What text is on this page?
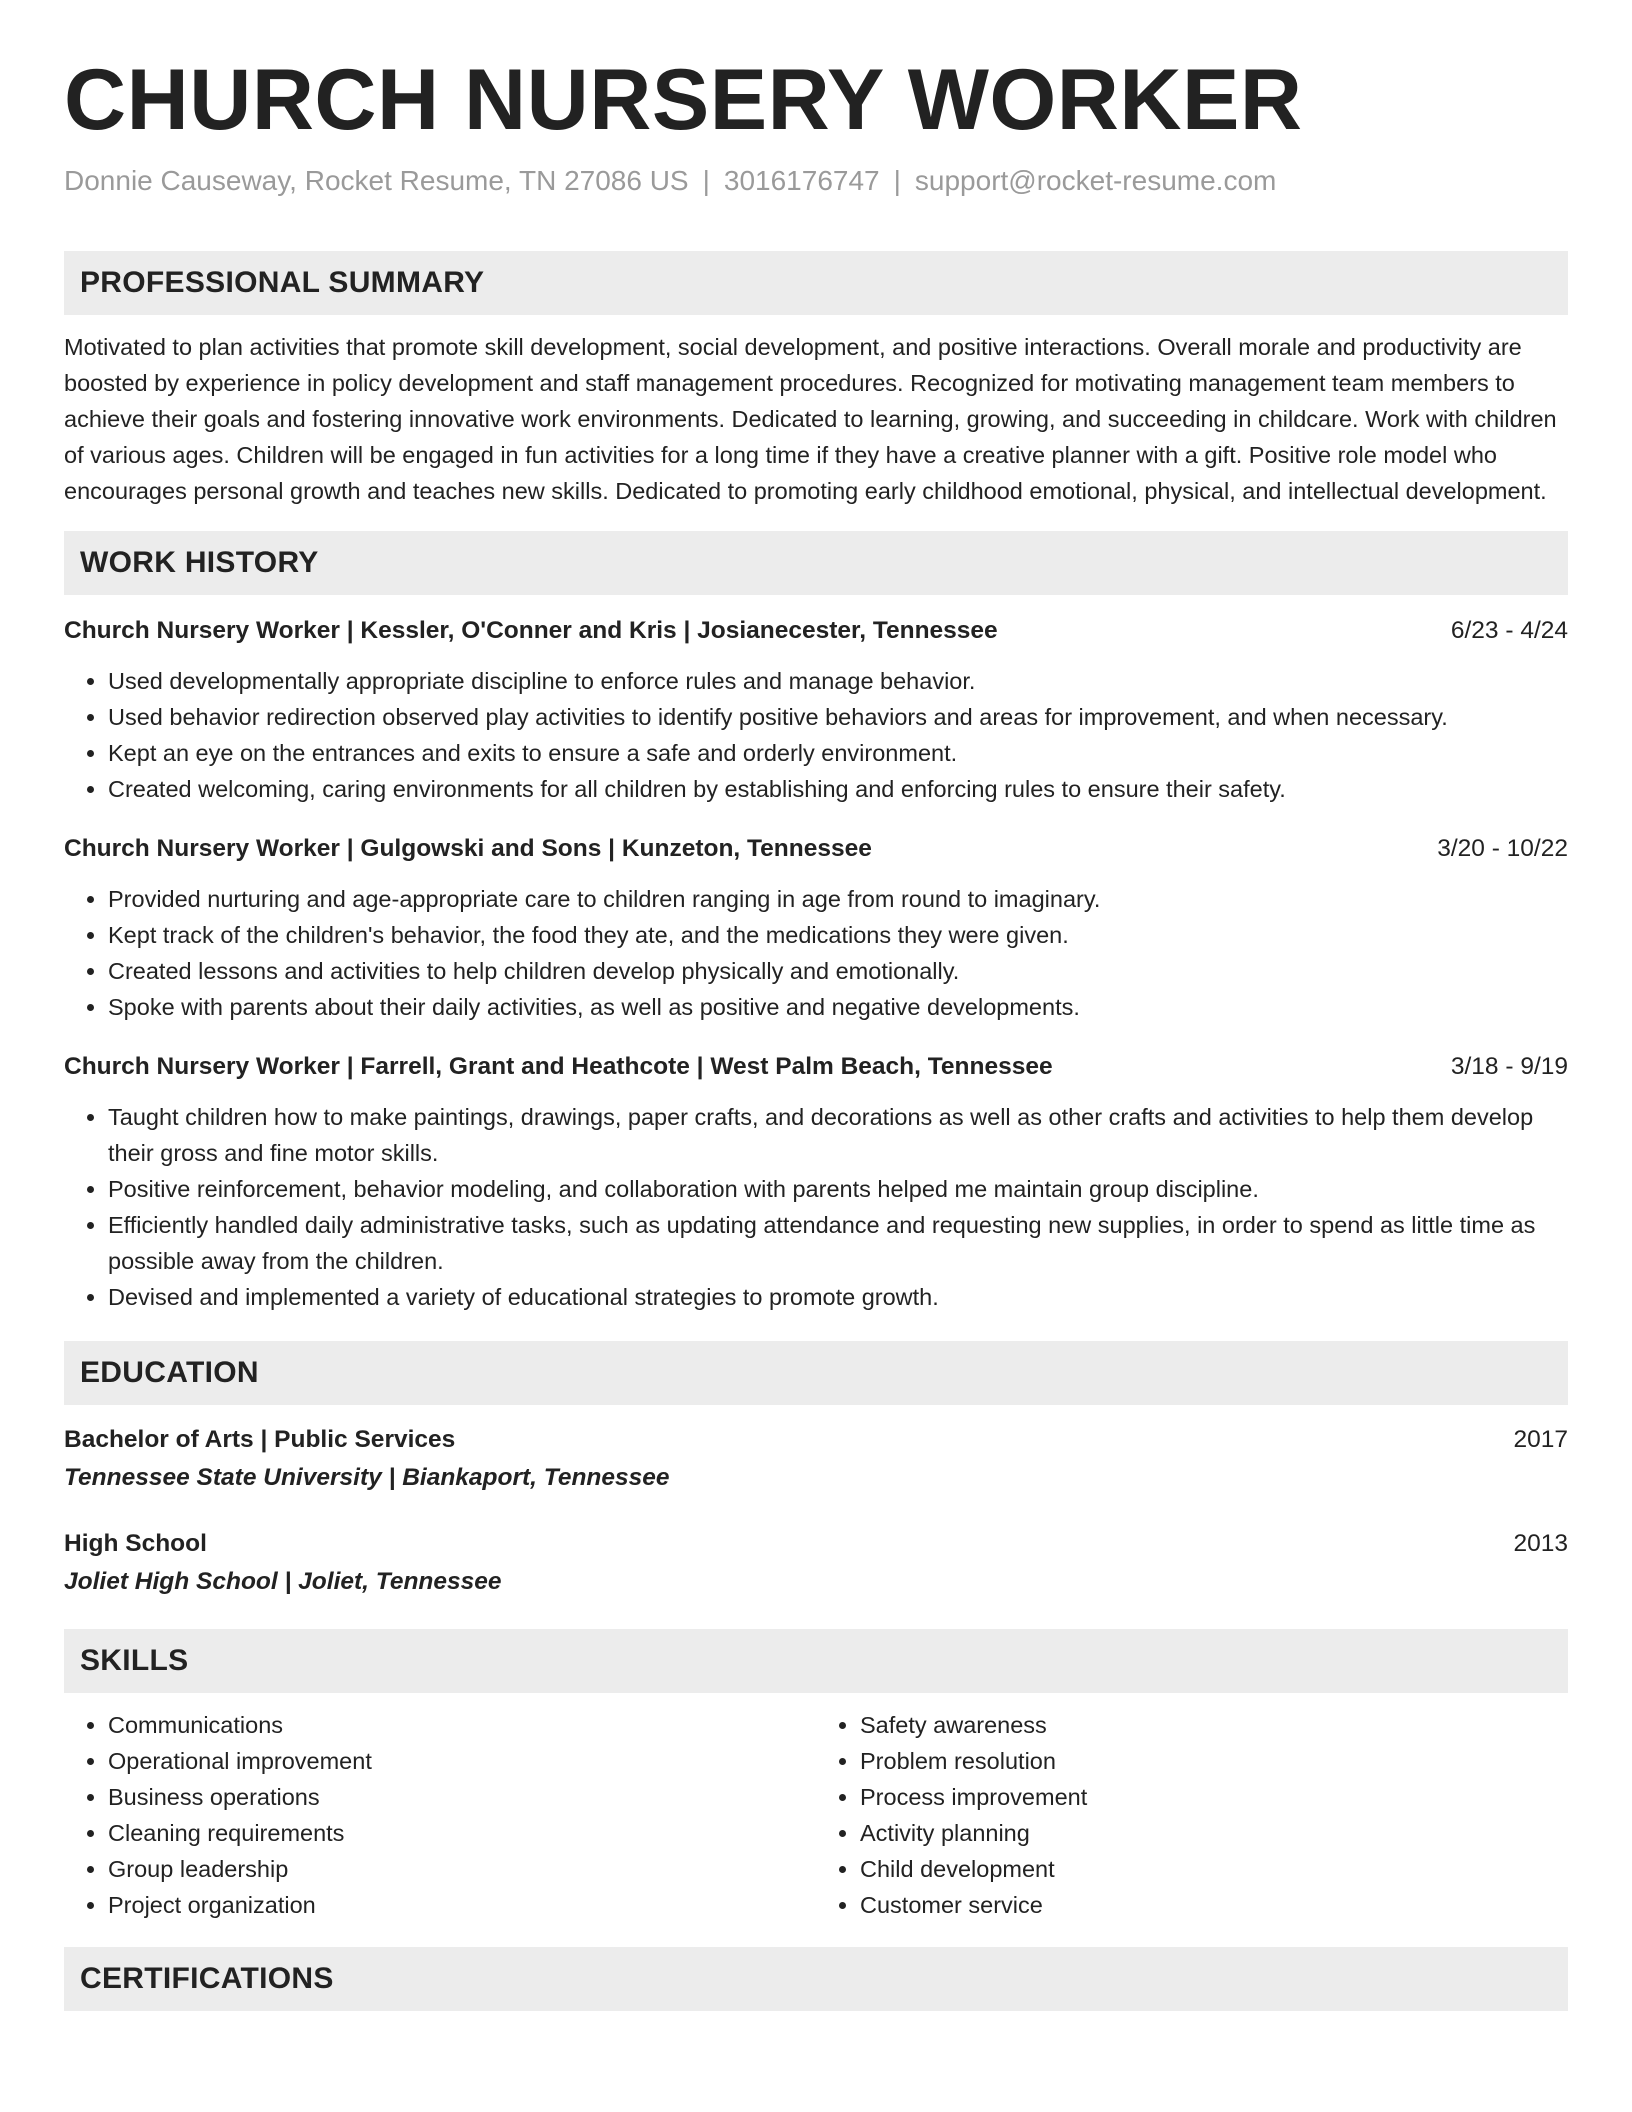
CHURCH NURSERY WORKER
Donnie Causeway, Rocket Resume, TN 27086 US | 3016176747 | support@rocket-resume.com
PROFESSIONAL SUMMARY

Motivated to plan activities that promote skill development, social development, and positive interactions. Overall morale and productivity are boosted by experience in policy development and staff management procedures. Recognized for motivating management team members to achieve their goals and fostering innovative work environments. Dedicated to learning, growing, and succeeding in childcare. Work with children of various ages. Children will be engaged in fun activities for a long time if they have a creative planner with a gift. Positive role model who encourages personal growth and teaches new skills. Dedicated to promoting early childhood emotional, physical, and intellectual development.

WORK HISTORY
Church Nursery Worker | Kessler, O'Conner and Kris | Josianecester, Tennessee	6/23 - 4/24
• Used developmentally appropriate discipline to enforce rules and manage behavior.
• Used behavior redirection observed play activities to identify positive behaviors and areas for improvement, and when necessary.
• Kept an eye on the entrances and exits to ensure a safe and orderly environment.
• Created welcoming, caring environments for all children by establishing and enforcing rules to ensure their safety.
Church Nursery Worker | Gulgowski and Sons | Kunzeton, Tennessee	3/20 - 10/22
• Provided nurturing and age-appropriate care to children ranging in age from round to imaginary.
• Kept track of the children's behavior, the food they ate, and the medications they were given.
• Created lessons and activities to help children develop physically and emotionally.
• Spoke with parents about their daily activities, as well as positive and negative developments.
Church Nursery Worker | Farrell, Grant and Heathcote | West Palm Beach, Tennessee	3/18 - 9/19
• Taught children how to make paintings, drawings, paper crafts, and decorations as well as other crafts and activities to help them develop their gross and fine motor skills.
• Positive reinforcement, behavior modeling, and collaboration with parents helped me maintain group discipline.
• Efficiently handled daily administrative tasks, such as updating attendance and requesting new supplies, in order to spend as little time as possible away from the children.
• Devised and implemented a variety of educational strategies to promote growth.
EDUCATION
Bachelor of Arts | Public Services	2017
Tennessee State University | Biankaport, Tennessee
High School	2013
Joliet High School | Joliet, Tennessee
SKILLS
• Communications
• Operational improvement
• Business operations
• Cleaning requirements
• Group leadership
• Project organization
• Safety awareness
• Problem resolution
• Process improvement
• Activity planning
• Child development
• Customer service
CERTIFICATIONS
